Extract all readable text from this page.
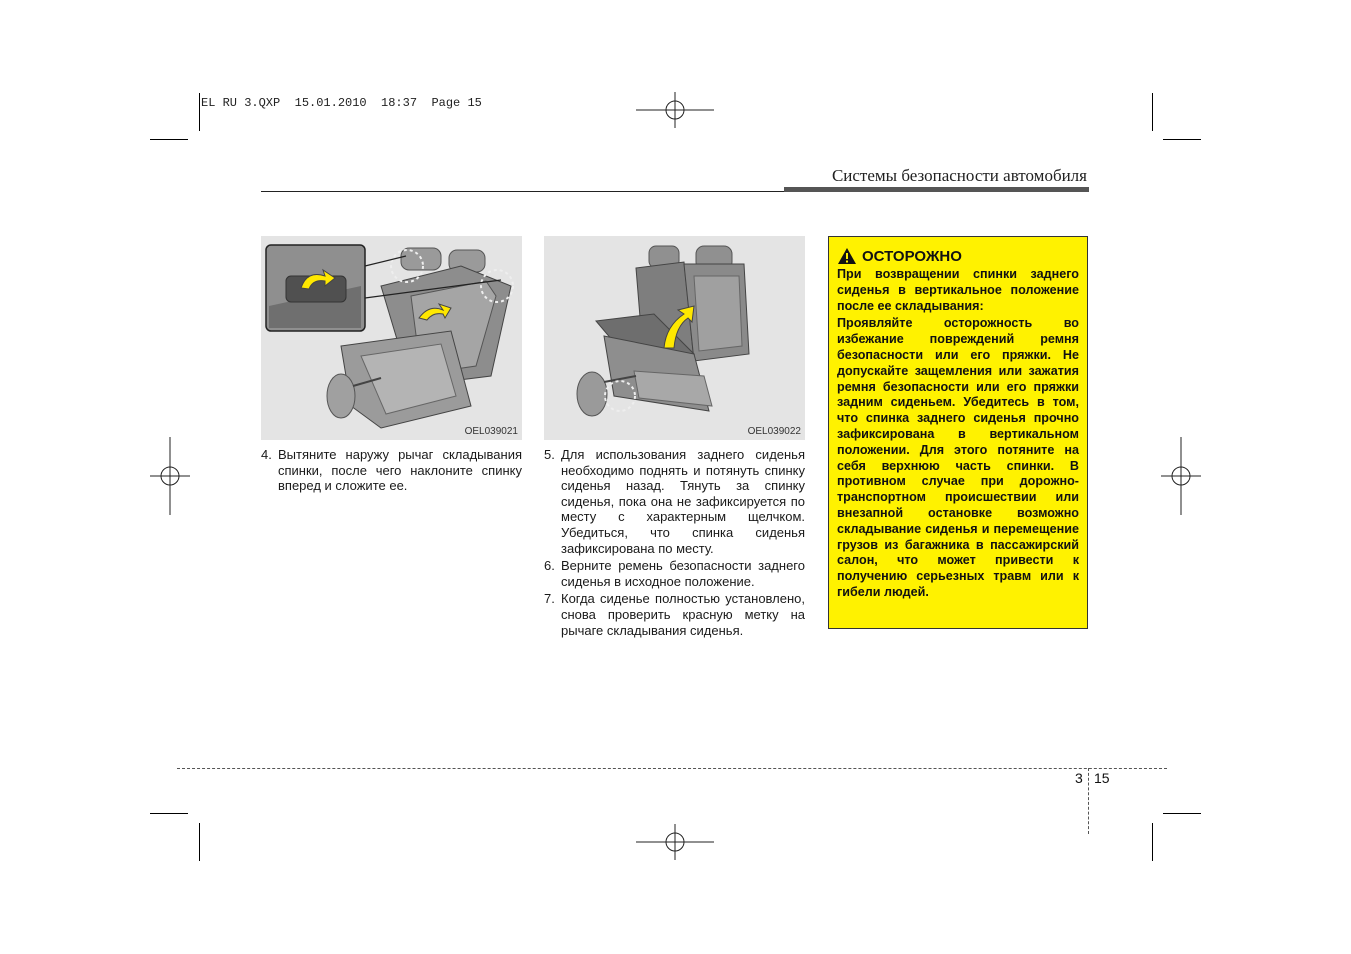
EL RU 3.QXP  15.01.2010  18:37  Page 15
Системы безопасности автомобиля
OEL039021	OEL039022
4. Вытяните наружу рычаг складывания спинки, после чего наклоните спинку вперед и сложите ее.
5. Для использования заднего сиденья необходимо поднять и потянуть спинку сиденья назад. Тянуть за спинку сиденья, пока она не зафиксируется по месту с характерным щелчком. Убедиться, что спинка сиденья зафиксирована по месту.
6. Верните ремень безопасности заднего сиденья в исходное положение.
7. Когда сиденье полностью установлено, снова проверить красную метку на рычаге складывания сиденья.
ОСТОРОЖНО

При возвращении спинки заднего сиденья в вертикальное положение после ее складывания:

Проявляйте осторожность во избежание повреждений ремня безопасности или его пряжки. Не допускайте защемления или зажатия ремня безопасности или его пряжки задним сиденьем. Убедитесь в том, что спинка заднего сиденья прочно зафиксирована в вертикальном положении. Для этого потяните на себя верхнюю часть спинки. В противном случае при дорожно-транспортном происшествии или внезапной остановке возможно складывание сиденья и перемещение грузов из багажника в пассажирский салон, что может привести к получению серьезных травм или к гибели людей.

3 15
